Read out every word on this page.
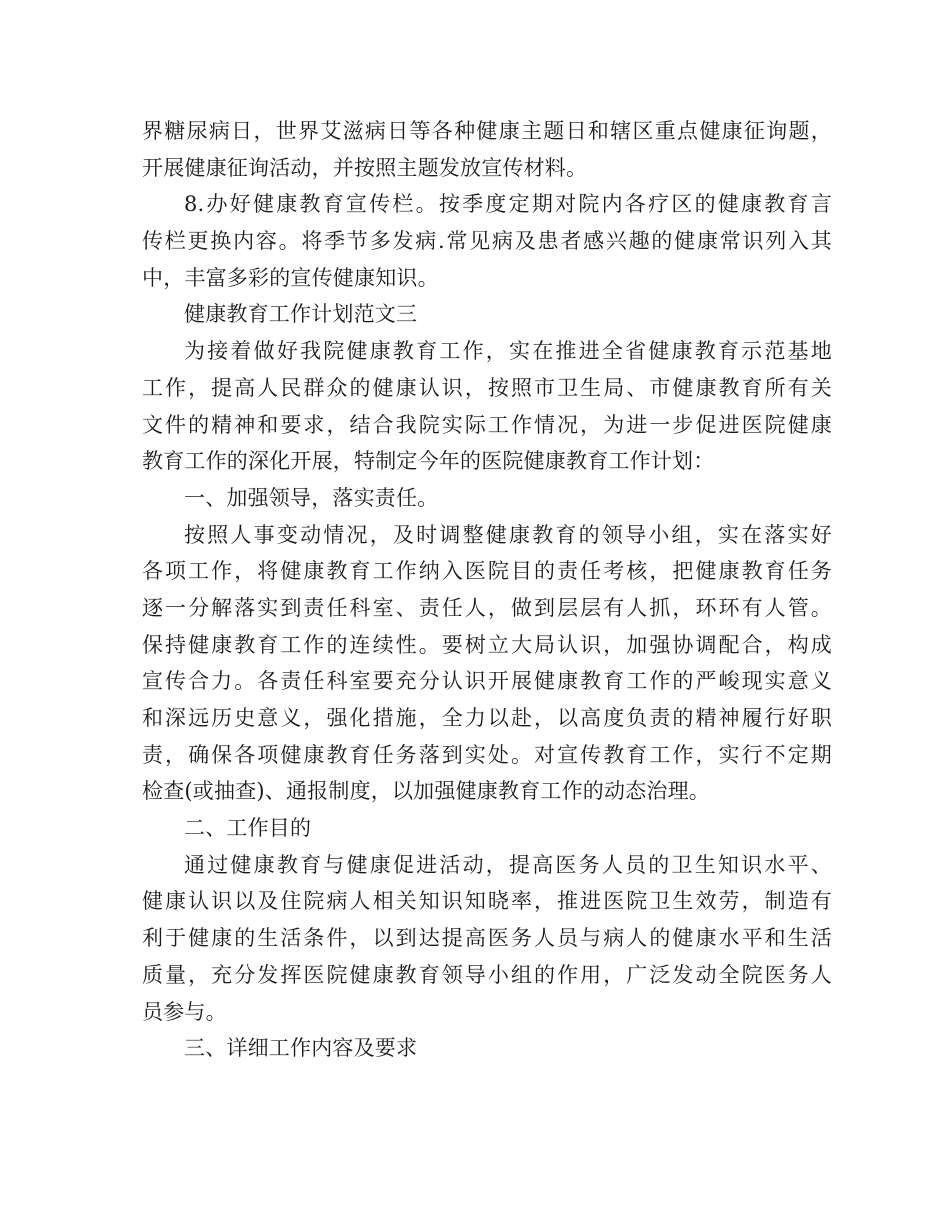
界糖尿病日，世界艾滋病日等各种健康主题日和辖区重点健康征询题，
开展健康征询活动，并按照主题发放宣传材料。
8.办好健康教育宣传栏。按季度定期对院内各疗区的健康教育言
传栏更换内容。将季节多发病.常见病及患者感兴趣的健康常识列入其
中，丰富多彩的宣传健康知识。
健康教育工作计划范文三
为接着做好我院健康教育工作，实在推进全省健康教育示范基地
工作，提高人民群众的健康认识，按照市卫生局、市健康教育所有关
文件的精神和要求，结合我院实际工作情况，为进一步促进医院健康
教育工作的深化开展，特制定今年的医院健康教育工作计划：
一、加强领导，落实责任。
按照人事变动情况，及时调整健康教育的领导小组，实在落实好
各项工作，将健康教育工作纳入医院目的责任考核，把健康教育任务
逐一分解落实到责任科室、责任人，做到层层有人抓，环环有人管。
保持健康教育工作的连续性。要树立大局认识，加强协调配合，构成
宣传合力。各责任科室要充分认识开展健康教育工作的严峻现实意义
和深远历史意义，强化措施，全力以赴，以高度负责的精神履行好职
责，确保各项健康教育任务落到实处。对宣传教育工作，实行不定期
检查(或抽查)、通报制度，以加强健康教育工作的动态治理。
二、工作目的
通过健康教育与健康促进活动，提高医务人员的卫生知识水平、
健康认识以及住院病人相关知识知晓率，推进医院卫生效劳，制造有
利于健康的生活条件，以到达提高医务人员与病人的健康水平和生活
质量，充分发挥医院健康教育领导小组的作用，广泛发动全院医务人
员参与。
三、详细工作内容及要求
